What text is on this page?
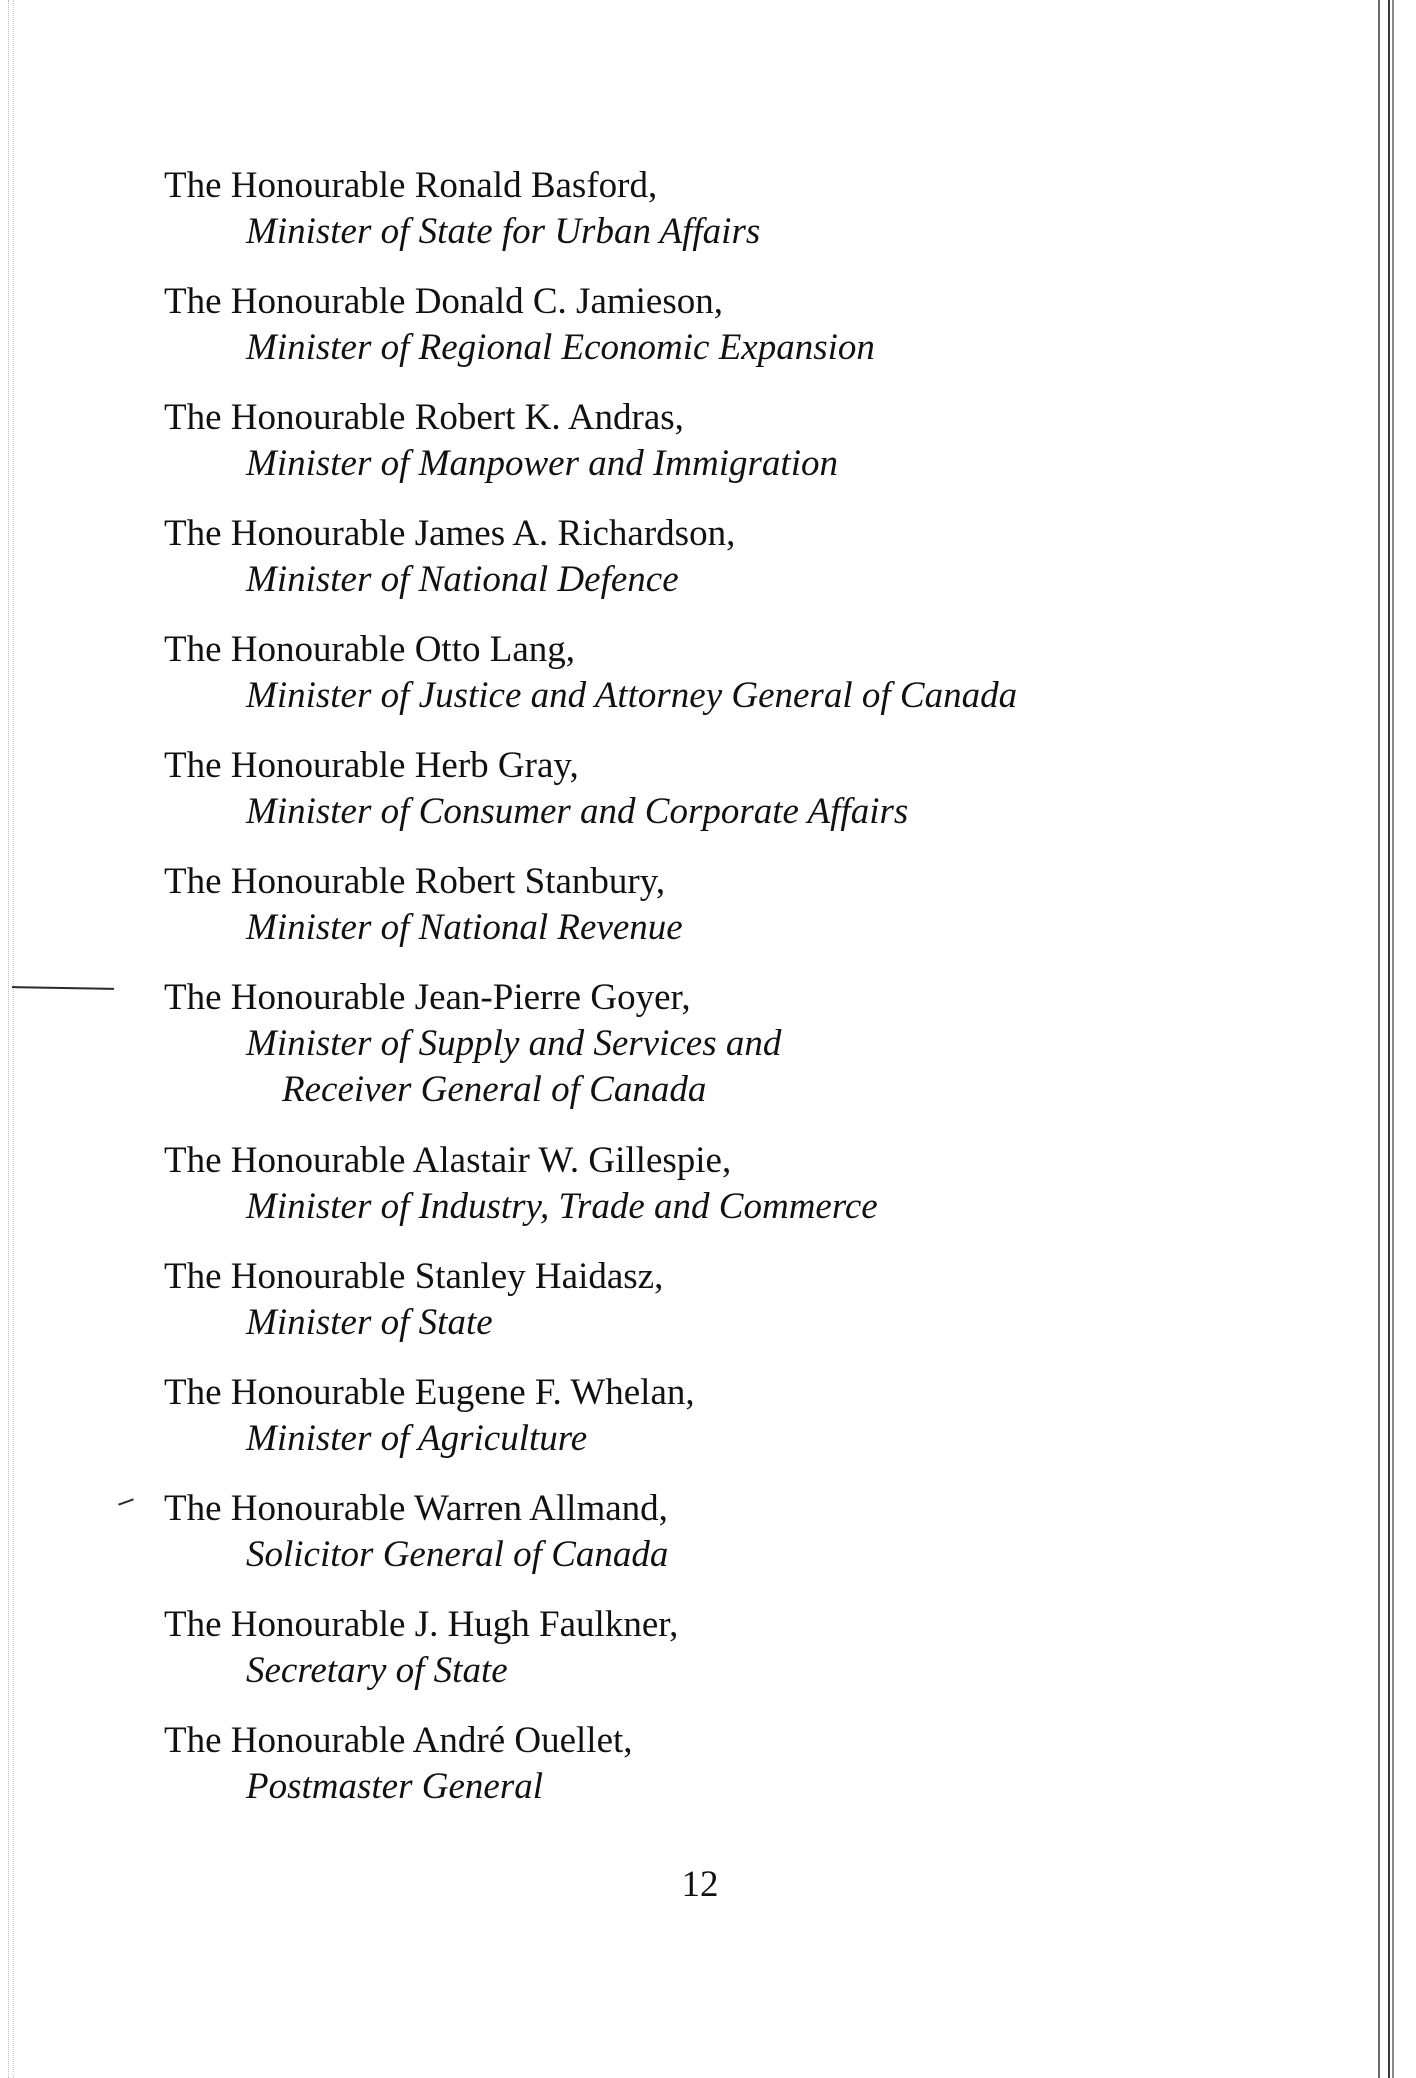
The Honourable Ronald Basford,
Minister of State for Urban Affairs
The Honourable Donald C. Jamieson,
Minister of Regional Economic Expansion
The Honourable Robert K. Andras,
Minister of Manpower and Immigration
The Honourable James A. Richardson,
Minister of National Defence
The Honourable Otto Lang,
Minister of Justice and Attorney General of Canada
The Honourable Herb Gray,
Minister of Consumer and Corporate Affairs
The Honourable Robert Stanbury,
Minister of National Revenue
The Honourable Jean-Pierre Goyer,
Minister of Supply and Services and
Receiver General of Canada
The Honourable Alastair W. Gillespie,
Minister of Industry, Trade and Commerce
The Honourable Stanley Haidasz,
Minister of State
The Honourable Eugene F. Whelan,
Minister of Agriculture
The Honourable Warren Allmand,
Solicitor General of Canada
The Honourable J. Hugh Faulkner,
Secretary of State
The Honourable André Ouellet,
Postmaster General
12
